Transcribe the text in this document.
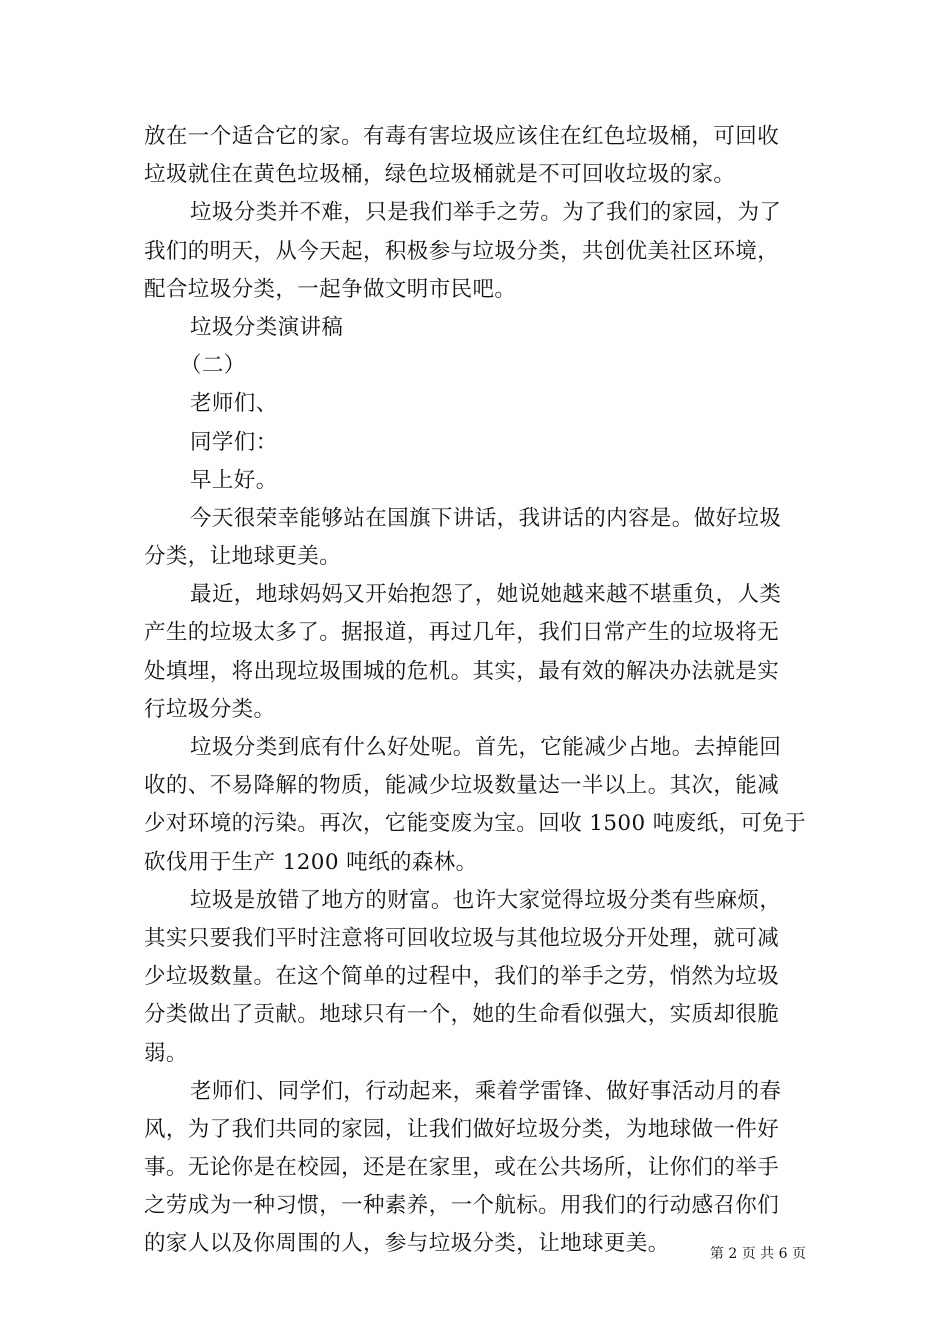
放在一个适合它的家。有毒有害垃圾应该住在红色垃圾桶，可回收
垃圾就住在黄色垃圾桶，绿色垃圾桶就是不可回收垃圾的家。
垃圾分类并不难，只是我们举手之劳。为了我们的家园，为了
我们的明天，从今天起，积极参与垃圾分类，共创优美社区环境，
配合垃圾分类，一起争做文明市民吧。
垃圾分类演讲稿
（二）
老师们、
同学们：
早上好。
今天很荣幸能够站在国旗下讲话，我讲话的内容是。做好垃圾
分类，让地球更美。
最近，地球妈妈又开始抱怨了，她说她越来越不堪重负，人类
产生的垃圾太多了。据报道，再过几年，我们日常产生的垃圾将无
处填埋，将出现垃圾围城的危机。其实，最有效的解决办法就是实
行垃圾分类。
垃圾分类到底有什么好处呢。首先，它能减少占地。去掉能回
收的、不易降解的物质，能减少垃圾数量达一半以上。其次，能减
少对环境的污染。再次，它能变废为宝。回收 1500 吨废纸，可免于
砍伐用于生产 1200 吨纸的森林。
垃圾是放错了地方的财富。也许大家觉得垃圾分类有些麻烦，
其实只要我们平时注意将可回收垃圾与其他垃圾分开处理，就可减
少垃圾数量。在这个简单的过程中，我们的举手之劳，悄然为垃圾
分类做出了贡献。地球只有一个，她的生命看似强大，实质却很脆
弱。
老师们、同学们，行动起来，乘着学雷锋、做好事活动月的春
风，为了我们共同的家园，让我们做好垃圾分类，为地球做一件好
事。无论你是在校园，还是在家里，或在公共场所，让你们的举手
之劳成为一种习惯，一种素养，一个航标。用我们的行动感召你们
的家人以及你周围的人，参与垃圾分类，让地球更美。	第 2 页 共 6 页
